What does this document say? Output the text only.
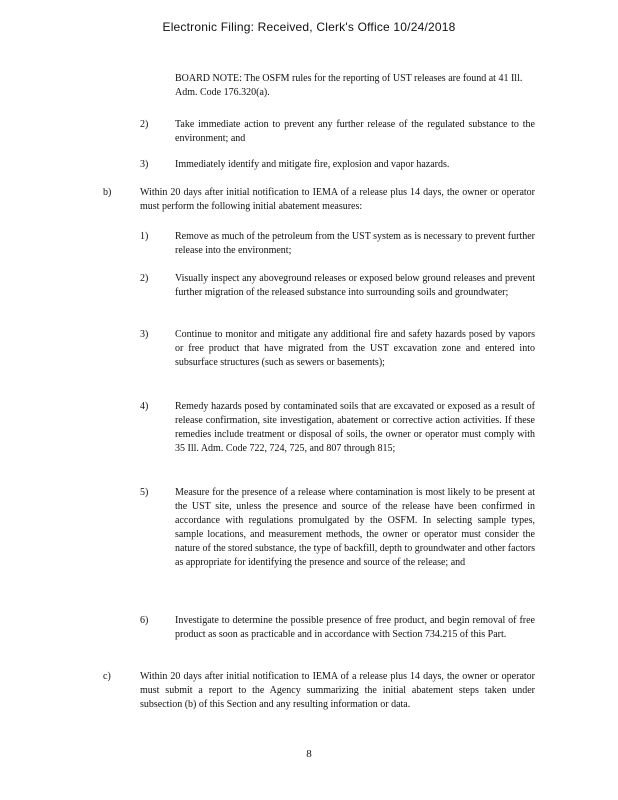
Electronic Filing: Received, Clerk's Office 10/24/2018
BOARD NOTE: The OSFM rules for the reporting of UST releases are found at 41 Ill. Adm. Code 176.320(a).
2)	Take immediate action to prevent any further release of the regulated substance to the environment; and
3)	Immediately identify and mitigate fire, explosion and vapor hazards.
b)	Within 20 days after initial notification to IEMA of a release plus 14 days, the owner or operator must perform the following initial abatement measures:
1)	Remove as much of the petroleum from the UST system as is necessary to prevent further release into the environment;
2)	Visually inspect any aboveground releases or exposed below ground releases and prevent further migration of the released substance into surrounding soils and groundwater;
3)	Continue to monitor and mitigate any additional fire and safety hazards posed by vapors or free product that have migrated from the UST excavation zone and entered into subsurface structures (such as sewers or basements);
4)	Remedy hazards posed by contaminated soils that are excavated or exposed as a result of release confirmation, site investigation, abatement or corrective action activities. If these remedies include treatment or disposal of soils, the owner or operator must comply with 35 Ill. Adm. Code 722, 724, 725, and 807 through 815;
5)	Measure for the presence of a release where contamination is most likely to be present at the UST site, unless the presence and source of the release have been confirmed in accordance with regulations promulgated by the OSFM. In selecting sample types, sample locations, and measurement methods, the owner or operator must consider the nature of the stored substance, the type of backfill, depth to groundwater and other factors as appropriate for identifying the presence and source of the release; and
6)	Investigate to determine the possible presence of free product, and begin removal of free product as soon as practicable and in accordance with Section 734.215 of this Part.
c)	Within 20 days after initial notification to IEMA of a release plus 14 days, the owner or operator must submit a report to the Agency summarizing the initial abatement steps taken under subsection (b) of this Section and any resulting information or data.
8
